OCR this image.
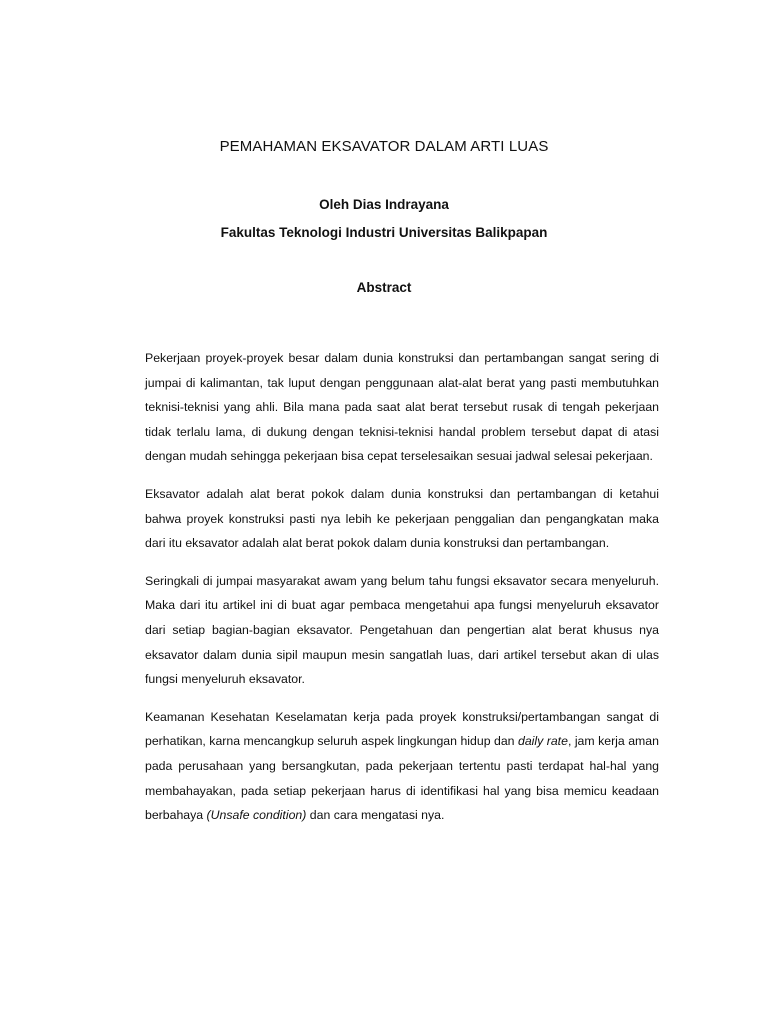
PEMAHAMAN EKSAVATOR DALAM ARTI LUAS

Oleh Dias Indrayana

Fakultas Teknologi Industri Universitas Balikpapan

Abstract

Pekerjaan proyek-proyek besar dalam dunia konstruksi dan pertambangan sangat sering di jumpai di kalimantan, tak luput dengan penggunaan alat-alat berat yang pasti membutuhkan teknisi-teknisi yang ahli. Bila mana pada saat alat berat tersebut rusak di tengah pekerjaan tidak terlalu lama, di dukung dengan teknisi-teknisi handal problem tersebut dapat di atasi dengan mudah sehingga pekerjaan bisa cepat terselesaikan sesuai jadwal selesai pekerjaan.

Eksavator adalah alat berat pokok dalam dunia konstruksi dan pertambangan di ketahui bahwa proyek konstruksi pasti nya lebih ke pekerjaan penggalian dan pengangkatan maka dari itu eksavator adalah alat berat pokok dalam dunia konstruksi dan pertambangan.

Seringkali di jumpai masyarakat awam yang belum tahu fungsi eksavator secara menyeluruh. Maka dari itu artikel ini di buat agar pembaca mengetahui apa fungsi menyeluruh eksavator dari setiap bagian-bagian eksavator. Pengetahuan dan pengertian alat berat khusus nya eksavator dalam dunia sipil maupun mesin sangatlah luas, dari artikel tersebut akan di ulas fungsi menyeluruh eksavator.

Keamanan Kesehatan Keselamatan kerja pada proyek konstruksi/pertambangan sangat di perhatikan, karna mencangkup seluruh aspek lingkungan hidup dan daily rate, jam kerja aman pada perusahaan yang bersangkutan, pada pekerjaan tertentu pasti terdapat hal-hal yang membahayakan, pada setiap pekerjaan harus di identifikasi hal yang bisa memicu keadaan berbahaya (Unsafe condition) dan cara mengatasi nya.
